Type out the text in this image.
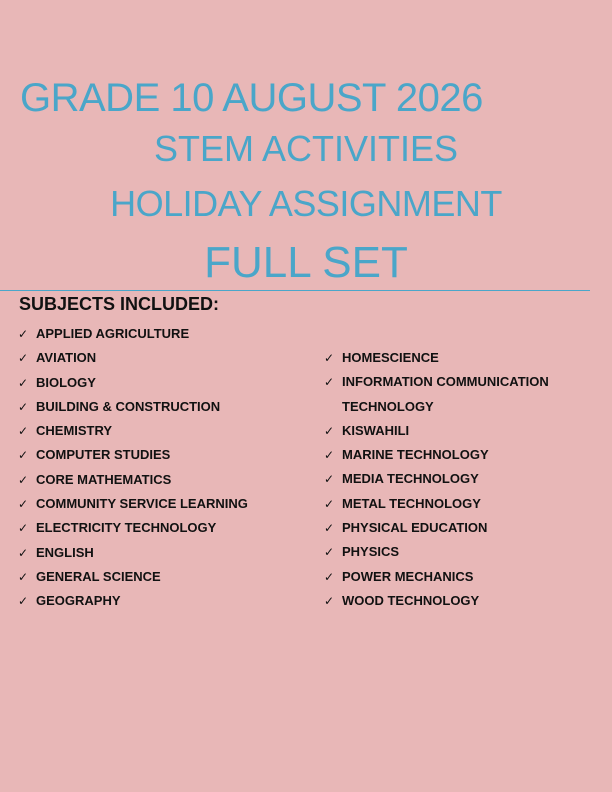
GRADE 10 AUGUST 2026
STEM ACTIVITIES
HOLIDAY ASSIGNMENT
FULL SET
SUBJECTS INCLUDED:
✓ APPLIED AGRICULTURE
✓ AVIATION
✓ BIOLOGY
✓ BUILDING & CONSTRUCTION
✓ CHEMISTRY
✓ COMPUTER STUDIES
✓ CORE MATHEMATICS
✓ COMMUNITY SERVICE LEARNING
✓ ELECTRICITY TECHNOLOGY
✓ ENGLISH
✓ GENERAL SCIENCE
✓ GEOGRAPHY
✓ HOMESCIENCE
✓ INFORMATION COMMUNICATION
TECHNOLOGY
✓ KISWAHILI
✓ MARINE TECHNOLOGY
✓ MEDIA TECHNOLOGY
✓ METAL TECHNOLOGY
✓ PHYSICAL EDUCATION
✓ PHYSICS
✓ POWER MECHANICS
✓ WOOD TECHNOLOGY
